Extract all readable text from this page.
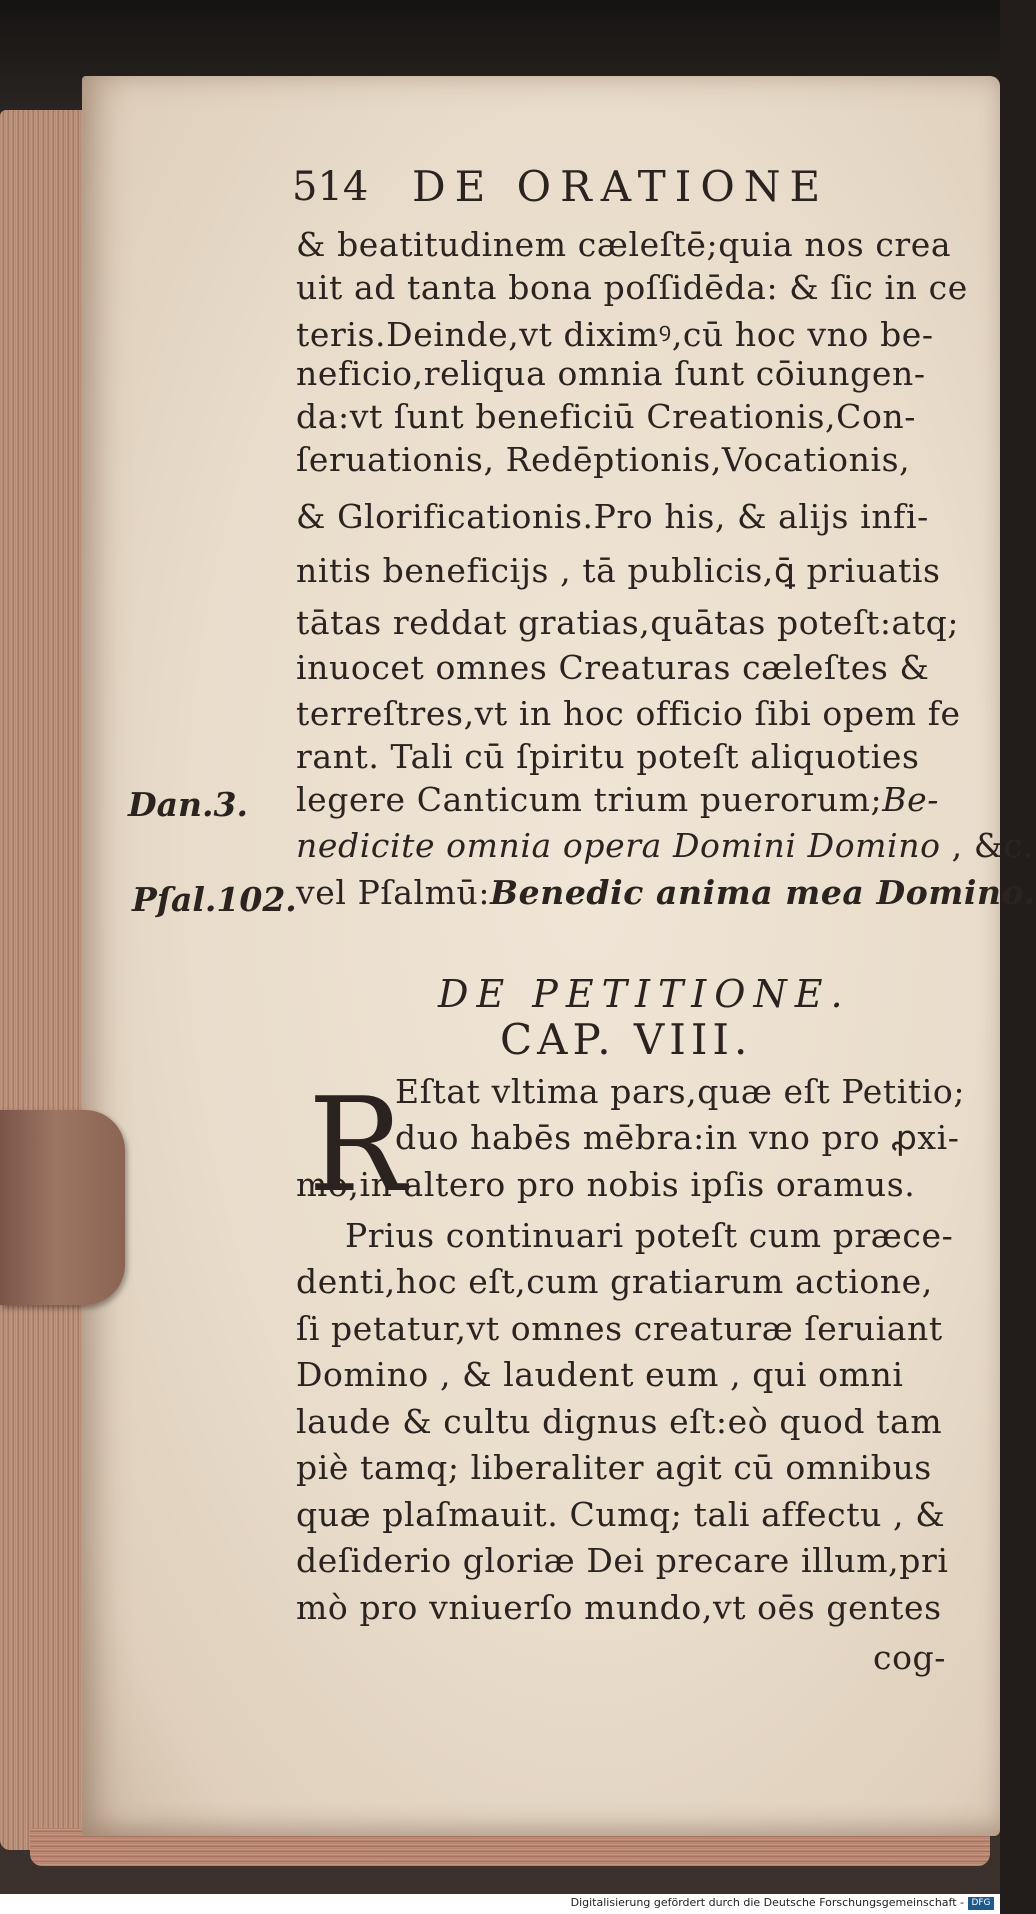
514 DE ORATIONE
& beatitudinem cæleſtē;quia nos crea
uit ad tanta bona poſſidēda: & ſic in ce
teris.Deinde,vt diximꝰ,cū hoc vno be-
neficio,reliqua omnia ſunt cōiungen-
da:vt ſunt beneficiū Creationis,Con-
ſeruationis, Redēptionis,Vocationis,
& Glorificationis.Pro his, & alijs infi-
nitis beneficijs , tā publicis,ꝗ̄ priuatis
tātas reddat gratias,quātas poteſt:atq;
inuocet omnes Creaturas cæleſtes &
terreſtres,vt in hoc officio ſibi opem fe
rant. Tali cū ſpiritu poteſt aliquoties
legere Canticum trium puerorum;Be-
nedicite omnia opera Domini Domino , &c.
vel Pſalmū:Benedic anima mea Domino.
Dan.3.
Pſal.102.
DE PETITIONE.
CAP. VIII.
R
Eſtat vltima pars,quæ eſt Petitio;
duo habēs mēbra:in vno pro ꝓxi-
mo,in altero pro nobis ipſis oramus.
Prius continuari poteſt cum præce-
denti,hoc eſt,cum gratiarum actione,
ſi petatur,vt omnes creaturæ ſeruiant
Domino , & laudent eum , qui omni
laude & cultu dignus eſt:eò quod tam
piè tamq; liberaliter agit cū omnibus
quæ plaſmauit. Cumq; tali affectu , &
deſiderio gloriæ Dei precare illum,pri
mò pro vniuerſo mundo,vt oēs gentes
cog-
Digitalisierung gefördert durch die Deutsche Forschungsgemeinschaft - DFG
